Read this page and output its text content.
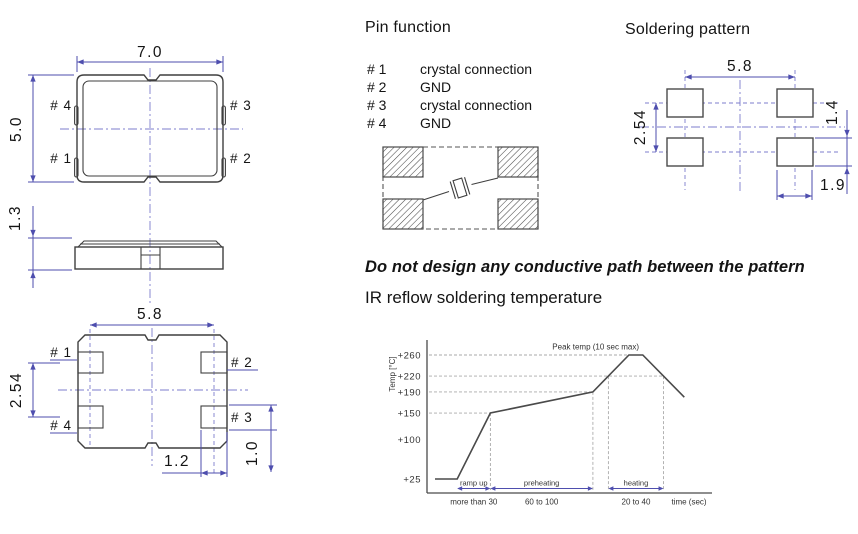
7.0
5.0
# 4	# 3
# 1	# 2
1.3
5.8
2.54
1.2	1.0
# 1
# 2
# 4
# 3
5.8
2.54	1.4
1.9
+260
+220
+190
+150
+100
+25
Temp [°C]
Peak temp (10 sec max)
ramp up
more than 30
preheating
60 to 100
heating
20 to 40	time (sec)
Pin function
# 1 crystal connection
# 2 GND
# 3 crystal connection
# 4 GND
Soldering pattern
Do not design any conductive path between the pattern
IR reflow soldering temperature
